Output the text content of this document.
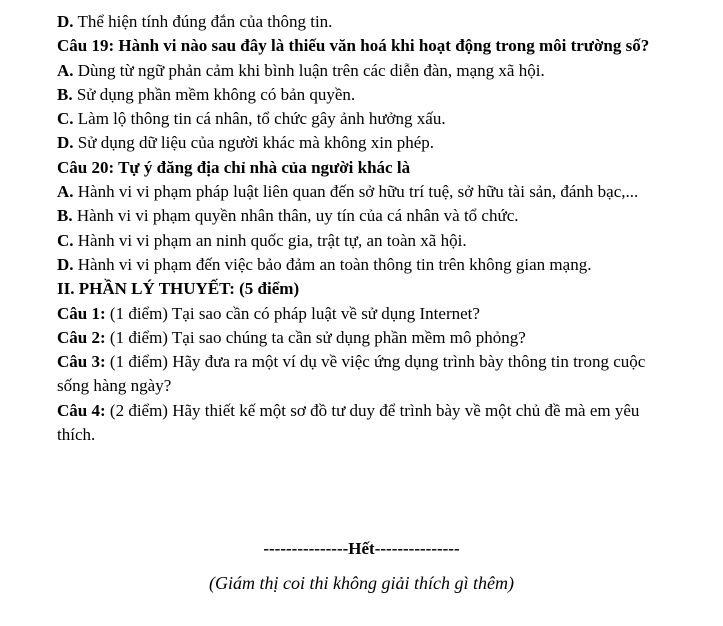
D. Thể hiện tính đúng đắn của thông tin.
Câu 19: Hành vi nào sau đây là thiếu văn hoá khi hoạt động trong môi trường số?
A. Dùng từ ngữ phản cảm khi bình luận trên các diễn đàn, mạng xã hội.
B. Sử dụng phần mềm không có bản quyền.
C. Làm lộ thông tin cá nhân, tổ chức gây ảnh hưởng xấu.
D. Sử dụng dữ liệu của người khác mà không xin phép.
Câu 20: Tự ý đăng địa chỉ nhà của người khác là
A. Hành vi vi phạm pháp luật liên quan đến sở hữu trí tuệ, sở hữu tài sản, đánh bạc,...
B. Hành vi vi phạm quyền nhân thân, uy tín của cá nhân và tổ chức.
C. Hành vi vi phạm an ninh quốc gia, trật tự, an toàn xã hội.
D. Hành vi vi phạm đến việc bảo đảm an toàn thông tin trên không gian mạng.
II. PHẦN LÝ THUYẾT: (5 điểm)
Câu 1: (1 điểm) Tại sao cần có pháp luật về sử dụng Internet?
Câu 2: (1 điểm) Tại sao chúng ta cần sử dụng phần mềm mô phỏng?
Câu 3: (1 điểm) Hãy đưa ra một ví dụ về việc ứng dụng trình bày thông tin trong cuộc sống hàng ngày?
Câu 4: (2 điểm) Hãy thiết kế một sơ đồ tư duy để trình bày về một chủ đề mà em yêu thích.
---------------Hết---------------
(Giám thị coi thi không giải thích gì thêm)
